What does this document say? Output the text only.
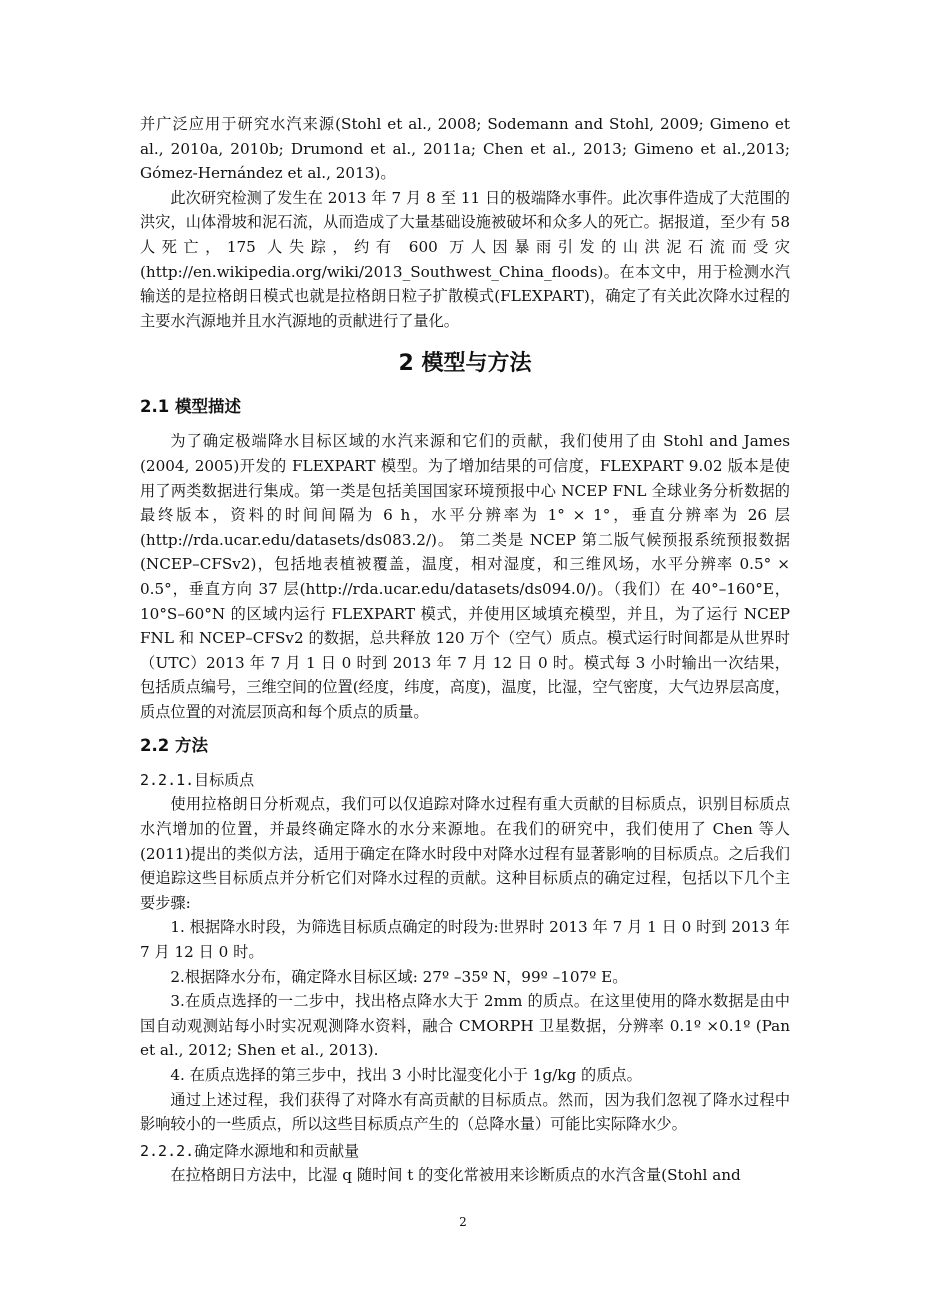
并广泛应用于研究水汽来源(Stohl et al., 2008; Sodemann and Stohl, 2009; Gimeno et al., 2010a, 2010b; Drumond et al., 2011a; Chen et al., 2013; Gimeno et al.,2013; Gómez-Hernández et al., 2013)。

此次研究检测了发生在 2013 年 7 月 8 至 11 日的极端降水事件。此次事件造成了大范围的洪灾，山体滑坡和泥石流，从而造成了大量基础设施被破坏和众多人的死亡。据报道，至少有 58 人死亡，175 人失踪，约有 600 万人因暴雨引发的山洪泥石流而受灾(http://en.wikipedia.org/wiki/2013_Southwest_China_floods)。在本文中，用于检测水汽输送的是拉格朗日模式也就是拉格朗日粒子扩散模式(FLEXPART)，确定了有关此次降水过程的主要水汽源地并且水汽源地的贡献进行了量化。

2 模型与方法
2.1 模型描述

为了确定极端降水目标区域的水汽来源和它们的贡献，我们使用了由 Stohl and James (2004, 2005)开发的 FLEXPART 模型。为了增加结果的可信度，FLEXPART 9.02 版本是使用了两类数据进行集成。第一类是包括美国国家环境预报中心 NCEP FNL 全球业务分析数据的最终版本，资料的时间间隔为 6 h，水平分辨率为 1° × 1°，垂直分辨率为 26 层(http://rda.ucar.edu/datasets/ds083.2/)。 第二类是 NCEP 第二版气候预报系统预报数据(NCEP–CFSv2)，包括地表植被覆盖，温度，相对湿度，和三维风场，水平分辨率 0.5° × 0.5°，垂直方向 37 层(http://rda.ucar.edu/datasets/ds094.0/)。（我们）在 40°–160°E，10°S–60°N 的区域内运行 FLEXPART 模式，并使用区域填充模型，并且，为了运行 NCEP FNL 和 NCEP–CFSv2 的数据，总共释放 120 万个（空气）质点。模式运行时间都是从世界时（UTC）2013 年 7 月 1 日 0 时到 2013 年 7 月 12 日 0 时。模式每 3 小时输出一次结果，包括质点编号，三维空间的位置(经度，纬度，高度)，温度，比湿，空气密度，大气边界层高度，质点位置的对流层顶高和每个质点的质量。

2.2 方法
2.2.1.目标质点

使用拉格朗日分析观点，我们可以仅追踪对降水过程有重大贡献的目标质点，识别目标质点水汽增加的位置，并最终确定降水的水分来源地。在我们的研究中，我们使用了 Chen 等人(2011)提出的类似方法，适用于确定在降水时段中对降水过程有显著影响的目标质点。之后我们便追踪这些目标质点并分析它们对降水过程的贡献。这种目标质点的确定过程，包括以下几个主要步骤:

1. 根据降水时段，为筛选目标质点确定的时段为:世界时 2013 年 7 月 1 日 0 时到 2013 年 7 月 12 日 0 时。

2.根据降水分布，确定降水目标区域: 27º –35º N，99º –107º E。

3.在质点选择的一二步中，找出格点降水大于 2mm 的质点。在这里使用的降水数据是由中国自动观测站每小时实况观测降水资料，融合 CMORPH 卫星数据，分辨率 0.1º ×0.1º (Pan et al., 2012; Shen et al., 2013).

4. 在质点选择的第三步中，找出 3 小时比湿变化小于 1g/kg 的质点。

通过上述过程，我们获得了对降水有高贡献的目标质点。然而，因为我们忽视了降水过程中影响较小的一些质点，所以这些目标质点产生的（总降水量）可能比实际降水少。

2.2.2.确定降水源地和和贡献量

在拉格朗日方法中，比湿 q 随时间 t 的变化常被用来诊断质点的水汽含量(Stohl and

2
